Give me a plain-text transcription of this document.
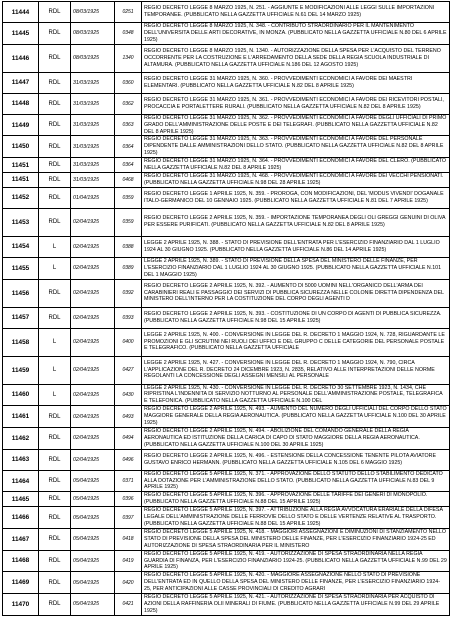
11444	RDL	08/03/1925	0251	REGIO DECRETO LEGGE 8 MARZO 1925, N. 251. - AGGIUNTE E MODIFICAZIONI ALLE LEGGI SULLE IMPORTAZIONI TEMPORANEE. (PUBBLICATO NELLA GAZZETTA UFFICIALE N.61 DEL 14 MARZO 1925)
11445	RDL	08/03/1925	0348	REGIO DECRETO LEGGE 8 MARZO 1925, N. 348. - CONTRIBUTO STRAORDINARIO PER IL MANTENIMENTO DELL'UNIVERSITA DELLE ARTI DECORATIVE, IN MONZA. (PUBBLICATO NELLA GAZZETTA UFFICIALE N.80 DEL 6 APRILE 1925)
11446	RDL	08/03/1925	1340	REGIO DECRETO LEGGE 8 MARZO 1925, N. 1340. - AUTORIZZAZIONE DELLA SPESA PER L'ACQUISTO DEL TERRENO OCCORRENTE PER LA COSTRUZIONE E L'ARREDAMENTO DELLA SEDE DELLA REGIA SCUOLA INDUSTRIALE DI ALTAMURA. (PUBBLICATO NELLA GAZZETTA UFFICIALE N.186 DEL 12 AGOSTO 1925)
11447	RDL	31/03/1925	0360	REGIO DECRETO LEGGE 31 MARZO 1925, N. 360. - PROVVEDIMENTI ECONOMICI A FAVORE DEI MAESTRI ELEMENTARI. (PUBBLICATO NELLA GAZZETTA UFFICIALE N.82 DEL 8 APRILE 1925)
11448	RDL	31/03/1925	0362	REGIO DECRETO LEGGE 31 MARZO 1925, N. 361. - PROVVEDIMENTI ECONOMICI A FAVORE DEI RICEVITORI POSTALI, PROCACCIA E PORTALETTERE RURALI. (PUBBLICATO NELLA GAZZETTA UFFICIALE N.82 DEL 8 APRILE 1925)
11449	RDL	31/03/1925	0363	REGIO DECRETO LEGGE 31 MARZO 1925, N. 362. - PROVVEDIMENTI ECONOMICI A FAVORE DEGLI UFFICIALI DI PRIMO GRADO DELL'AMMINISTRAZIONE DELLE POSTE E DEI TELEGRAFI. (PUBBLICATO NELLA GAZZETTA UFFICIALE N.82 DEL 8 APRILE 1925)
11450	RDL	31/03/1925	0364	REGIO DECRETO LEGGE 31 MARZO 1925, N. 363. - PROVVEDIMENTI ECONOMICI A FAVORE DEL PERSONALE DIPENDENTE DALLE AMMINISTRAZIONI DELLO STATO. (PUBBLICATO NELLA GAZZETTA UFFICIALE N.82 DEL 8 APRILE 1925)
11451	RDL	31/03/1925	0364	REGIO DECRETO LEGGE 31 MARZO 1925, N. 364. - PROVVEDIMENTI ECONOMICI A FAVORE DEL CLERO. (PUBBLICATO NELLA GAZZETTA UFFICIALE N.82 DEL 8 APRILE 1925)
11451	RDL	31/03/1925	0468	REGIO DECRETO LEGGE 31 MARZO 1925, N. 468. - PROVVEDIMENTI ECONOMICI A FAVORE DEI VECCHI PENSIONATI. (PUBBLICATO NELLA GAZZETTA UFFICIALE N.98 DEL 28 APRILE 1925)
11452	RDL	01/04/1925	0359	REGIO DECRETO LEGGE 1 APRILE 1925, N. 359. - PROROGA, CON MODIFICAZIONI, DEL 'MODUS VIVENDI' DOGANALE ITALO-GERMANICO DEL 10 GENNAIO 1925. (PUBBLICATO NELLA GAZZETTA UFFICIALE N.81 DEL 7 APRILE 1925)
11453	RDL	02/04/1925	0359	REGIO DECRETO LEGGE 2 APRILE 1925, N. 359. - IMPORTAZIONE TEMPORANEA DEGLI OLI GREGGI GENUINI DI OLIVA PER ESSERE PURIFICATI. (PUBBLICATO NELLA GAZZETTA UFFICIALE N.82 DEL 8 APRILE 1925)
11454	L	02/04/1925	0388	LEGGE 2 APRILE 1925, N. 388. - STATO DI PREVISIONE DELL'ENTRATA PER L'ESERCIZIO FINANZIARIO DAL 1 LUGLIO 1924 AL 30 GIUGNO 1925. (PUBBLICATO NELLA GAZZETTA UFFICIALE N.86 DEL 14 APRILE 1925)
11455	L	02/04/1925	0389	LEGGE 2 APRILE 1925, N. 389. - STATO DI PREVISIONE DELLA SPESA DEL MINISTERO DELLE FINANZE, PER L'ESERCIZIO FINANZIARIO DAL 1 LUGLIO 1924 AL 30 GIUGNO 1925. (PUBBLICATO NELLA GAZZETTA UFFICIALE N.101 DEL 1 MAGGIO 1925)
11456	RDL	02/04/1925	0392	REGIO DECRETO LEGGE 2 APRILE 1925, N. 392. - AUMENTO DI 5000 UOMINI NELL'ORGANICO DELL'ARMA DEI CARABINIERI REALI E PASSAGGIO DEI SERVIZI DI PUBBLICA SICUREZZA NELLE COLONIE DIRETTA DIPENDENZA DEL MINISTERO DELL'INTERNO PER LA COSTITUZIONE DEL CORPO DEGLI AGENTI D
11457	RDL	02/04/1925	0393	REGIO DECRETO LEGGE 2 APRILE 1925, N. 393. - COSTITUZIONE DI UN CORPO DI AGENTI DI PUBBLICA SICUREZZA. (PUBBLICATO NELLA GAZZETTA UFFICIALE N.98 DEL 15 APRILE 1925)
11458	L	02/04/1925	0400	LEGGE 2 APRILE 1925, N. 400. - CONVERSIONE IN LEGGE DEL R. DECRETO 1 MAGGIO 1924, N. 728, RIGUARDANTE LE PROMOZIONI E GLI SCRUTINI NEI RUOLI DEI UFFICI E DEL GRUPPO C DELLE CATEGORIE DEL PERSONALE POSTALE E TELEGRAFICO. (PUBBLICATO NELLA GAZZETTA UFFICIALE
11459	L	02/04/1925	0427	LEGGE 2 APRILE 1925, N. 427. - CONVERSIONE IN LEGGE DEL R. DECRETO 1 MAGGIO 1924, N. 790, CIRCA L'APPLICAZIONE DEL R. DECRETO 24 DICEMBRE 1923, N. 2835, RELATIVO ALLE INTERPRETAZIONI DELLE NORME REGOLANTI LA CONCESSIONE DEGLI ASSEGNI MENSILI AL PERSONALE
11460	L	02/04/1925	0430	LEGGE 2 APRILE 1925, N. 430. - CONVERSIONE IN LEGGE DEL R. DECRETO 30 SETTEMBRE 1923, N. 1434, CHE RIPRISTINA L'INDENNITA DI SERVIZIO NOTTURNO AL PERSONALE DELL'AMMINISTRAZIONE POSTALE, TELEGRAFICA E TELEFONICA. (PUBBLICATO NELLA GAZZETTA UFFICIALE N.100 DEL
11461	RDL	02/04/1925	0493	REGIO DECRETO LEGGE 2 APRILE 1925, N. 493. - AUMENTO DEL NUMERO DEGLI UFFICIALI DEL CORPO DELLO STATO MAGGIORE GENERALE DELLA REGIA AERONAUTICA. (PUBBLICATO NELLA GAZZETTA UFFICIALE N.100 DEL 30 APRILE 1925)
11462	RDL	02/04/1925	0494	REGIO DECRETO LEGGE 2 APRILE 1925, N. 494. - ABOLIZIONE DEL COMANDO GENERALE DELLA REGIA AERONAUTICA ED ISTITUZIONE DELLA CARICA DI CAPO DI STATO MAGGIORE DELLA REGIA AERONAUTICA. (PUBBLICATO NELLA GAZZETTA UFFICIALE N.100 DEL 30 APRILE 1925)
11463	RDL	02/04/1925	0496	REGIO DECRETO LEGGE 2 APRILE 1925, N. 496. - ESTENSIONE DELLA CONCESSIONE TENENTE PILOTA AVIATORE GUSTAVO ENRICO HERMANN. (PUBBLICATO NELLA GAZZETTA UFFICIALE N.105 DEL 6 MAGGIO 1925)
11464	RDL	05/04/1925	0371	REGIO DECRETO LEGGE 5 APRILE 1925, N. 371. - APPROVAZIONE DELLO STATUTO DELLO STABILIMENTO DEDICATO ALLA DOTAZIONE PER L'AMMINISTRAZIONE DELLO STATO. (PUBBLICATO NELLA GAZZETTA UFFICIALE N.83 DEL 9 APRILE 1925)
11465	RDL	05/04/1925	0396	REGIO DECRETO LEGGE 5 APRILE 1925, N. 396. - APPROVAZIONE DELLE TARIFFE DEI GENERI DI MONOPOLIO. (PUBBLICATO NELLA GAZZETTA UFFICIALE N.88 DEL 15 APRILE 1925)
11466	RDL	05/04/1925	0397	REGIO DECRETO LEGGE 5 APRILE 1925, N. 397. - ATTRIBUZIONE ALLA REGIA AVVOCATURA ERARIALE DELLA DIFESA LEGALE DELL'AMMINISTRAZIONE DELLE FERROVIE DELLO STATO E DELLE VERTENZE RELATIVE AL TRASPORTO. (PUBBLICATO NELLA GAZZETTA UFFICIALE N.88 DEL 15 APRILE 1925)
11467	RDL	05/04/1925	0418	REGIO DECRETO LEGGE 5 APRILE 1925, N. 418. - MAGGIORI ASSEGNAZIONI E DIMINUZIONI DI STANZIAMENTO NELLO STATO DI PREVISIONE DELLA SPESA DEL MINISTERO DELLE FINANZE, PER L'ESERCIZIO FINANZIARIO 1924-25 ED AUTORIZZAZIONE DI SPESA STRAORDINARIA PER IL MINISTERO
11468	RDL	05/04/1925	0419	REGIO DECRETO LEGGE 5 APRILE 1925, N. 419. - AUTORIZZAZIONE DI SPESA STRAORDINARIA NELLA REGIA GUARDIA DI FINANZA, PER L'ESERCIZIO FINANZIARIO 1924-25. (PUBBLICATO NELLA GAZZETTA UFFICIALE N.99 DEL 29 APRILE 1925)
11469	RDL	05/04/1925	0420	REGIO DECRETO LEGGE 5 APRILE 1925, N. 420. - MAGGIORE ASSEGNAZIONE NELLO STATO DI PREVISIONE DELL'ENTRATA ED IN QUELLO DELLA SPESA DEL MINISTERO DELLE FINANZE, PER L'ESERCIZIO FINANZIARIO 1924-25, PER ANTICIPAZIONI ALLE CASSE PROVINCIALI DI CREDITO AGRARI
11470	RDL	05/04/1925	0421	REGIO DECRETO LEGGE 5 APRILE 1925, N. 421. - AUTORIZZAZIONE DI SPESA STRAORDINARIA PER ACQUISTO DI AZIONI DELLA RAFFINERIA OLII MINERALI DI FIUME. (PUBBLICATO NELLA GAZZETTA UFFICIALE N.99 DEL 29 APRILE 1925)
